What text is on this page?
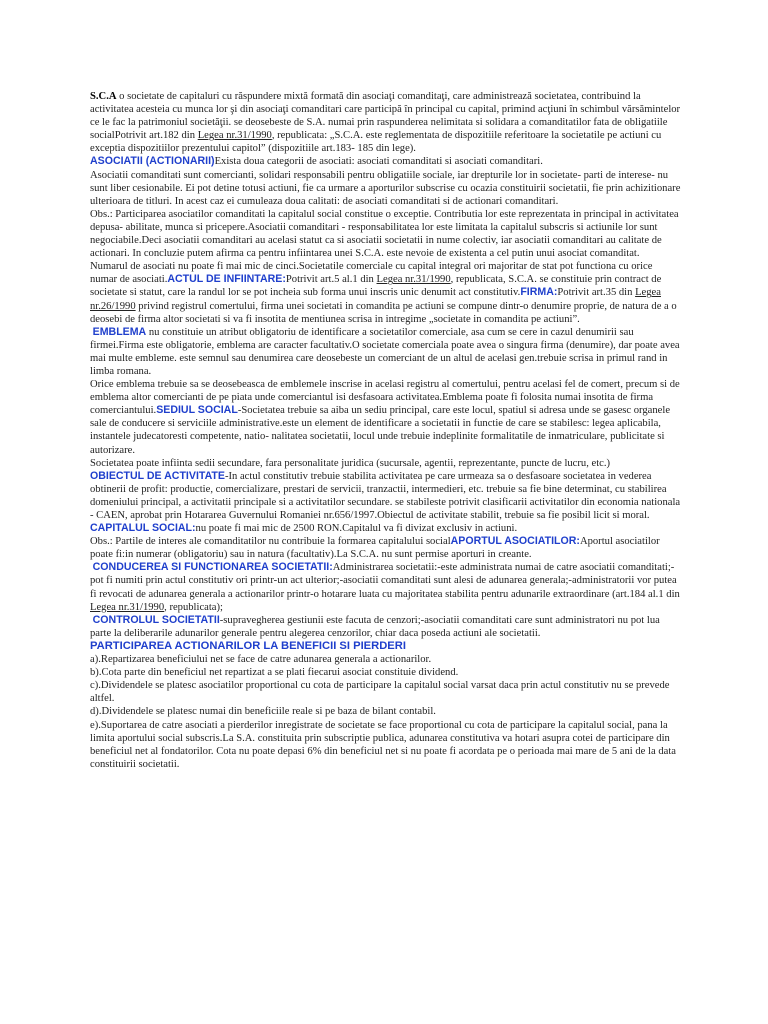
S.C.A o societate de capitaluri cu răspundere mixtă formată din asociaţi comanditaţi, care administrează societatea, contribuind la activitatea acesteia cu munca lor şi din asociaţi comanditari care participă în principal cu capital, primind acţiuni în schimbul vărsămintelor ce le fac la patrimoniul societăţii. se deosebeste de S.A. numai prin raspunderea nelimitata si solidara a comanditatilor fata de obligatiile socialPotrivit art.182 din Legea nr.31/1990, republicata: „S.C.A. este reglementata de dispozitiile referitoare la societatile pe actiuni cu exceptia dispozitiilor prezentului capitol” (dispozitiile art.183- 185 din lege).

ASOCIATII (ACTIONARII)Exista doua categorii de asociati: asociati comanditati si asociati comanditari.

Asociatii comanditati sunt comercianti, solidari responsabili pentru obligatiile sociale, iar drepturile lor in societate- parti de interese- nu sunt liber cesionabile. Ei pot detine totusi actiuni, fie ca urmare a aporturilor subscrise cu ocazia constituirii societatii, fie prin achizitionare ulterioara de titluri. In acest caz ei cumuleaza doua calitati: de asociati comanditati si de actionari comanditari.

Obs.: Participarea asociatilor comanditati la capitalul social constitue o exceptie. Contributia lor este reprezentata in principal in activitatea depusa- abilitate, munca si pricepere.Asociatii comanditari - responsabilitatea lor este limitata la capitalul subscris si actiunile lor sunt negociabile.Deci asociatii comanditari au acelasi statut ca si asociatii societatii in nume colectiv, iar asociatii comanditari au calitate de actionari. In concluzie putem afirma ca pentru infiintarea unei S.C.A. este nevoie de existenta a cel putin unui asociat comanditat.

Numarul de asociati nu poate fi mai mic de cinci.Societatile comerciale cu capital integral ori majoritar de stat pot functiona cu orice numar de asociati.ACTUL DE INFIINTARE:Potrivit art.5 al.1 din Legea nr.31/1990, republicata, S.C.A. se constituie prin contract de societate si statut, care la randul lor se pot incheia sub forma unui inscris unic denumit act constitutiv.FIRMA:Potrivit art.35 din Legea nr.26/1990 privind registrul comertului, firma unei societati in comandita pe actiuni se compune dintr-o denumire proprie, de natura de a o deosebi de firma altor societati si va fi insotita de mentiunea scrisa in intregime „societate in comandita pe actiuni”.

EMBLEMA nu constituie un atribut obligatoriu de identificare a societatilor comerciale, asa cum se cere in cazul denumirii sau firmei.Firma este obligatorie, emblema are caracter facultativ.O societate comerciala poate avea o singura firma (denumire), dar poate avea mai multe embleme. este semnul sau denumirea care deosebeste un comerciant de un altul de acelasi gen.trebuie scrisa in primul rand in limba romana.

Orice emblema trebuie sa se deosebeasca de emblemele inscrise in acelasi registru al comertului, pentru acelasi fel de comert, precum si de emblema altor comercianti de pe piata unde comerciantul isi desfasoara activitatea.Emblema poate fi folosita numai insotita de firma comerciantului.SEDIUL SOCIAL-Societatea trebuie sa aiba un sediu principal, care este locul, spatiul si adresa unde se gasesc organele sale de conducere si serviciile administrative.este un element de identificare a societatii in functie de care se stabilesc: legea aplicabila, instantele judecatoresti competente, natio- nalitatea societatii, locul unde trebuie indeplinite formalitatile de inmatriculare, publicitate si autorizare.

Societatea poate infiinta sedii secundare, fara personalitate juridica (sucursale, agentii, reprezentante, puncte de lucru, etc.)

OBIECTUL DE ACTIVITATE-In actul constitutiv trebuie stabilita activitatea pe care urmeaza sa o desfasoare societatea in vederea obtinerii de profit: productie, comercializare, prestari de servicii, tranzactii, intermedieri, etc. trebuie sa fie bine determinat, cu stabilirea domeniului principal, a activitatii principale si a activitatilor secundare. se stabileste potrivit clasificarii activitatilor din economia nationala - CAEN, aprobat prin Hotararea Guvernului Romaniei nr.656/1997.Obiectul de activitate stabilit, trebuie sa fie posibil licit si moral.

CAPITALUL SOCIAL:nu poate fi mai mic de 2500 RON.Capitalul va fi divizat exclusiv in actiuni.

Obs.: Partile de interes ale comanditatilor nu contribuie la formarea capitalului socialAPORTUL ASOCIATILOR:Aportul asociatilor poate fi:in numerar (obligatoriu) sau in natura (facultativ).La S.C.A. nu sunt permise aporturi in creante.

CONDUCEREA SI FUNCTIONAREA SOCIETATII:Administrarea societatii:-este administrata numai de catre asociatii comanditati;-pot fi numiti prin actul constitutiv ori printr-un act ulterior;-asociatii comanditati sunt alesi de adunarea generala;-administratorii vor putea fi revocati de adunarea generala a actionarilor printr-o hotarare luata cu majoritatea stabilita pentru adunarile extraordinare (art.184 al.1 din Legea nr.31/1990, republicata);

CONTROLUL SOCIETATII-supravegherea gestiunii este facuta de cenzori;-asociatii comanditati care sunt administratori nu pot lua parte la deliberarile adunarilor generale pentru alegerea cenzorilor, chiar daca poseda actiuni ale societatii.

PARTICIPAREA ACTIONARILOR LA BENEFICII SI PIERDERI

a).Repartizarea beneficiului net se face de catre adunarea generala a actionarilor.

b).Cota parte din beneficiul net repartizat a se plati fiecarui asociat constituie dividend.

c).Dividendele se platesc asociatilor proportional cu cota de participare la capitalul social varsat daca prin actul constitutiv nu se prevede altfel.

d).Dividendele se platesc numai din beneficiile reale si pe baza de bilant contabil.

e).Suportarea de catre asociati a pierderilor inregistrate de societate se face proportional cu cota de participare la capitalul social, pana la limita aportului social subscris.La S.A. constituita prin subscriptie publica, adunarea constitutiva va hotari asupra cotei de participare din beneficiul net al fondatorilor. Cota nu poate depasi 6% din beneficiul net si nu poate fi acordata pe o perioada mai mare de 5 ani de la data constituirii societatii.
